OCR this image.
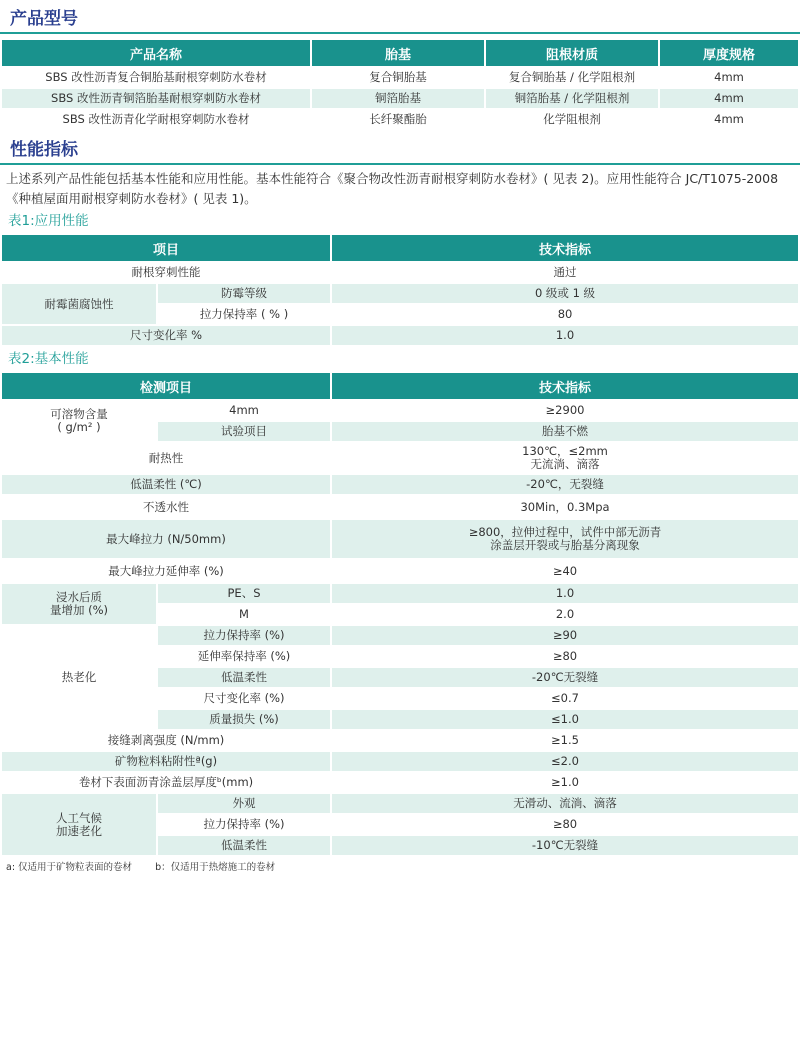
产品型号
产品名称	胎基	阻根材质	厚度规格
SBS 改性沥青复合铜胎基耐根穿刺防水卷材	复合铜胎基	复合铜胎基 / 化学阻根剂	4mm
SBS 改性沥青铜箔胎基耐根穿刺防水卷材	铜箔胎基	铜箔胎基 / 化学阻根剂	4mm
SBS 改性沥青化学耐根穿刺防水卷材	长纤聚酯胎	化学阻根剂	4mm
性能指标
上述系列产品性能包括基本性能和应用性能。基本性能符合《聚合物改性沥青耐根穿刺防水卷材》( 见表 2)。应用性能符合 JC/T1075-2008《种植屋面用耐根穿刺防水卷材》( 见表 1)。
表1:应用性能
项目		技术指标
耐根穿刺性能		通过
耐霉菌腐蚀性	防霉等级	0 级或 1 级
	拉力保持率 ( % )	80
尺寸变化率 %		1.0
表2:基本性能
检测项目		技术指标
可溶物含量
( g/m² )	4mm	≥2900
	试验项目	胎基不燃
耐热性		130℃，≤2mm
无流淌、滴落
低温柔性 (℃)		-20℃，无裂缝
不透水性		30Min，0.3Mpa
最大峰拉力 (N/50mm)		≥800，拉伸过程中，试件中部无沥青
涂盖层开裂或与胎基分离现象
最大峰拉力延伸率 (%)		≥40
浸水后质
量增加 (%)	PE、S	1.0
	M	2.0
热老化	拉力保持率 (%)	≥90
	延伸率保持率 (%)	≥80
	低温柔性	-20℃无裂缝
	尺寸变化率 (%)	≤0.7
	质量损失 (%)	≤1.0
接缝剥离强度 (N/mm)		≥1.5
矿物粒料粘附性ª(g)		≤2.0
卷材下表面沥青涂盖层厚度ᵇ(mm)		≥1.0
人工气候
加速老化	外观	无滑动、流淌、滴落
	拉力保持率 (%)	≥80
	低温柔性	-10℃无裂缝
a: 仅适用于矿物粒表面的卷材 b：仅适用于热熔施工的卷材
